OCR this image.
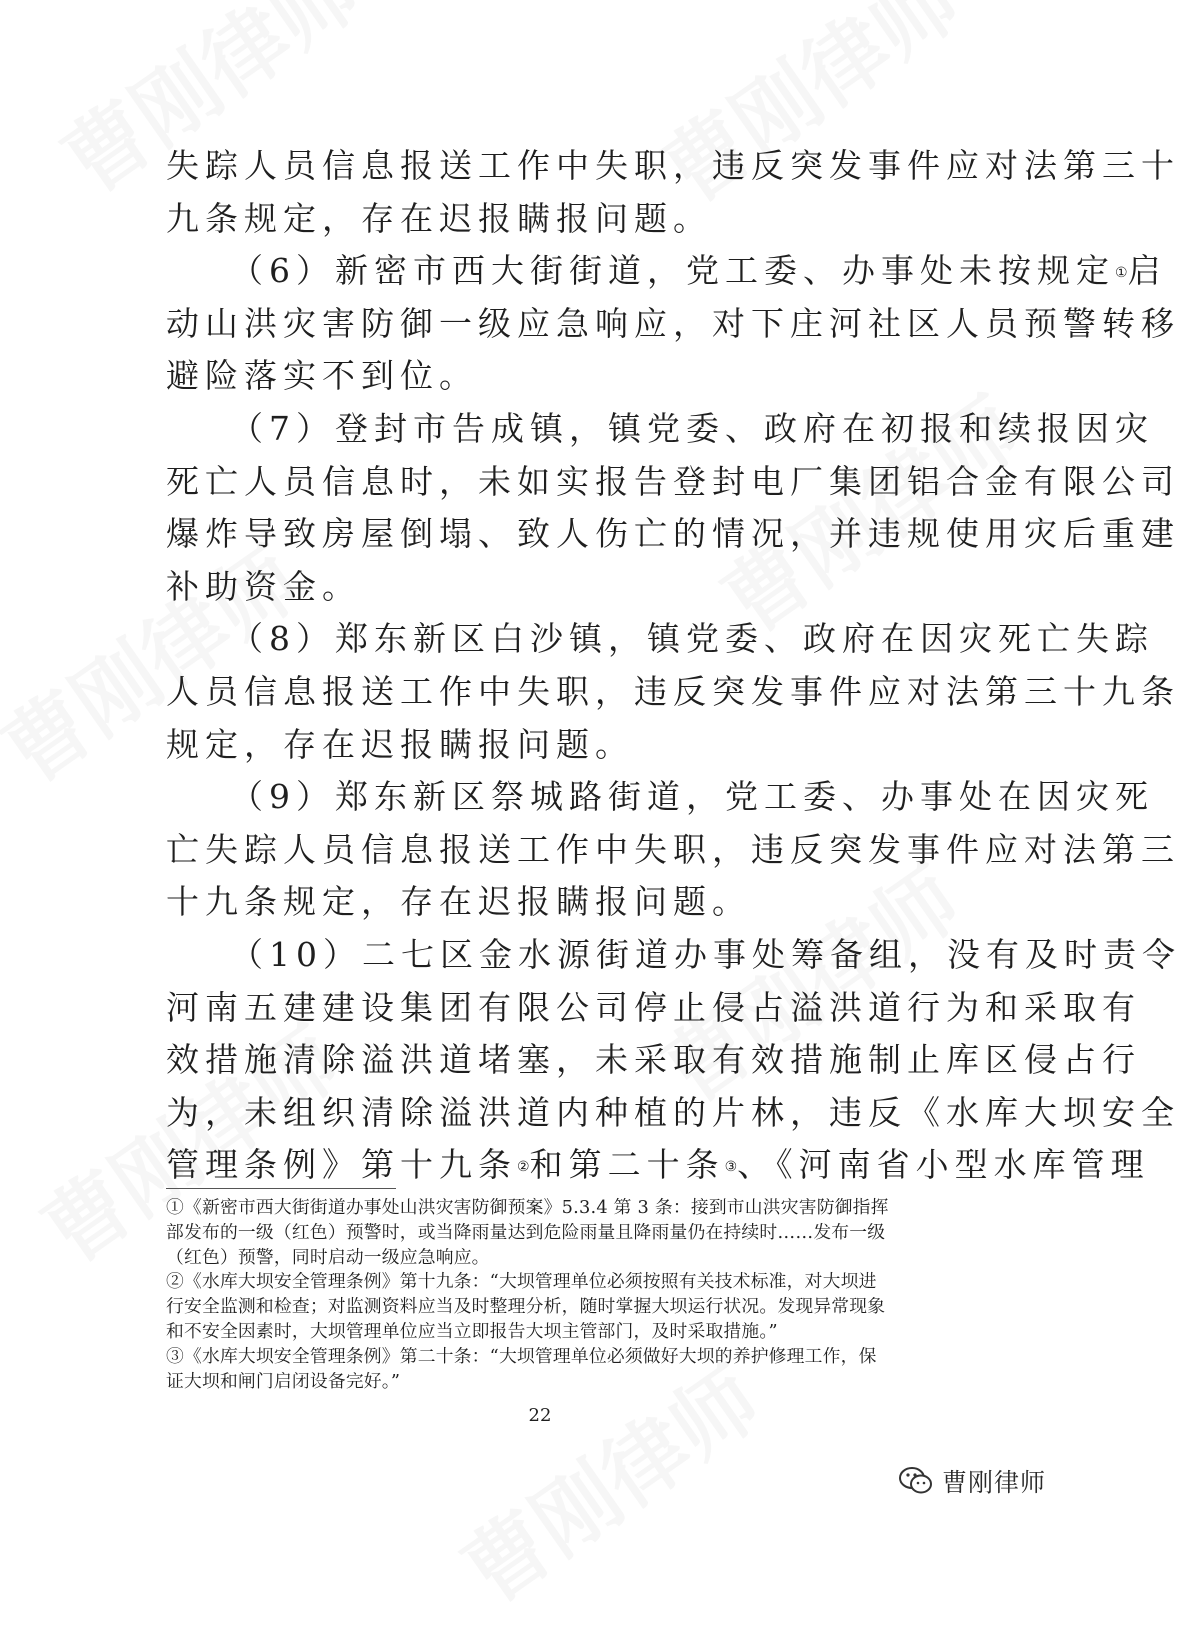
失踪人员信息报送工作中失职，违反突发事件应对法第三十
九条规定，存在迟报瞒报问题。
（6）新密市西大街街道，党工委、办事处未按规定①启
动山洪灾害防御一级应急响应，对下庄河社区人员预警转移
避险落实不到位。
（7）登封市告成镇，镇党委、政府在初报和续报因灾
死亡人员信息时，未如实报告登封电厂集团铝合金有限公司
爆炸导致房屋倒塌、致人伤亡的情况，并违规使用灾后重建
补助资金。
（8）郑东新区白沙镇，镇党委、政府在因灾死亡失踪
人员信息报送工作中失职，违反突发事件应对法第三十九条
规定，存在迟报瞒报问题。
（9）郑东新区祭城路街道，党工委、办事处在因灾死
亡失踪人员信息报送工作中失职，违反突发事件应对法第三
十九条规定，存在迟报瞒报问题。
（10）二七区金水源街道办事处筹备组，没有及时责令
河南五建建设集团有限公司停止侵占溢洪道行为和采取有
效措施清除溢洪道堵塞，未采取有效措施制止库区侵占行
为，未组织清除溢洪道内种植的片林，违反《水库大坝安全
管理条例》第十九条②和第二十条③、《河南省小型水库管理
①《新密市西大街街道办事处山洪灾害防御预案》5.3.4 第 3 条：接到市山洪灾害防御指挥
部发布的一级（红色）预警时，或当降雨量达到危险雨量且降雨量仍在持续时……发布一级
（红色）预警，同时启动一级应急响应。
②《水库大坝安全管理条例》第十九条：“大坝管理单位必须按照有关技术标准，对大坝进
行安全监测和检查；对监测资料应当及时整理分析，随时掌握大坝运行状况。发现异常现象
和不安全因素时，大坝管理单位应当立即报告大坝主管部门，及时采取措施。”
③《水库大坝安全管理条例》第二十条：“大坝管理单位必须做好大坝的养护修理工作，保
证大坝和闸门启闭设备完好。”
22
曹刚律师
